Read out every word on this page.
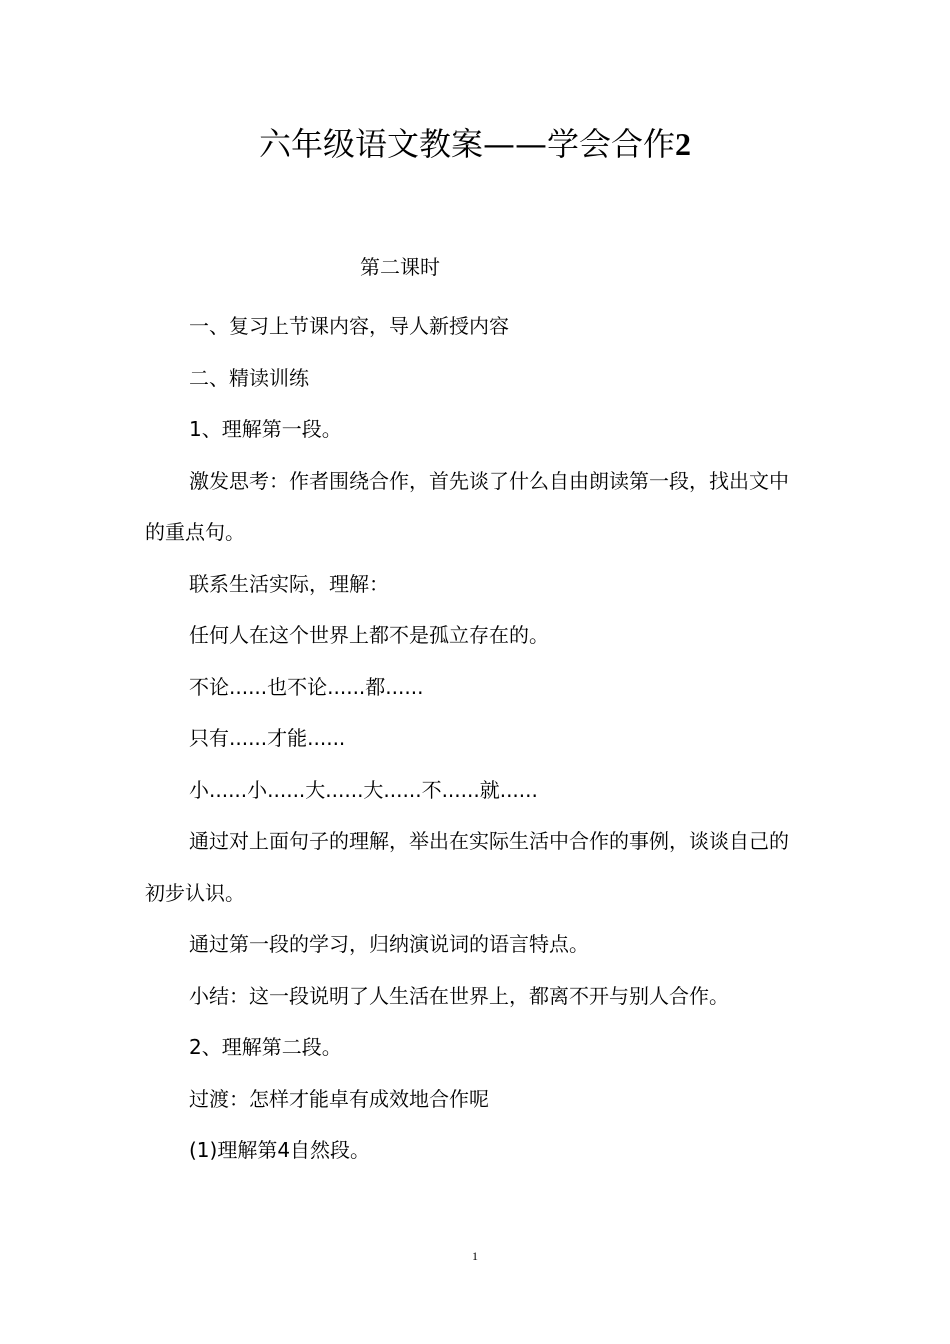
六年级语文教案——学会合作2
第二课时

一、复习上节课内容，导人新授内容

二、精读训练

1、理解第一段。

激发思考：作者围绕合作，首先谈了什么自由朗读第一段，找出文中的重点句。

联系生活实际，理解：

任何人在这个世界上都不是孤立存在的。

不论......也不论......都......

只有......才能......

小......小......大......大......不......就......

通过对上面句子的理解，举出在实际生活中合作的事例，谈谈自己的初步认识。

通过第一段的学习，归纳演说词的语言特点。

小结：这一段说明了人生活在世界上，都离不开与别人合作。

2、理解第二段。

过渡：怎样才能卓有成效地合作呢

(1)理解第4自然段。

1
